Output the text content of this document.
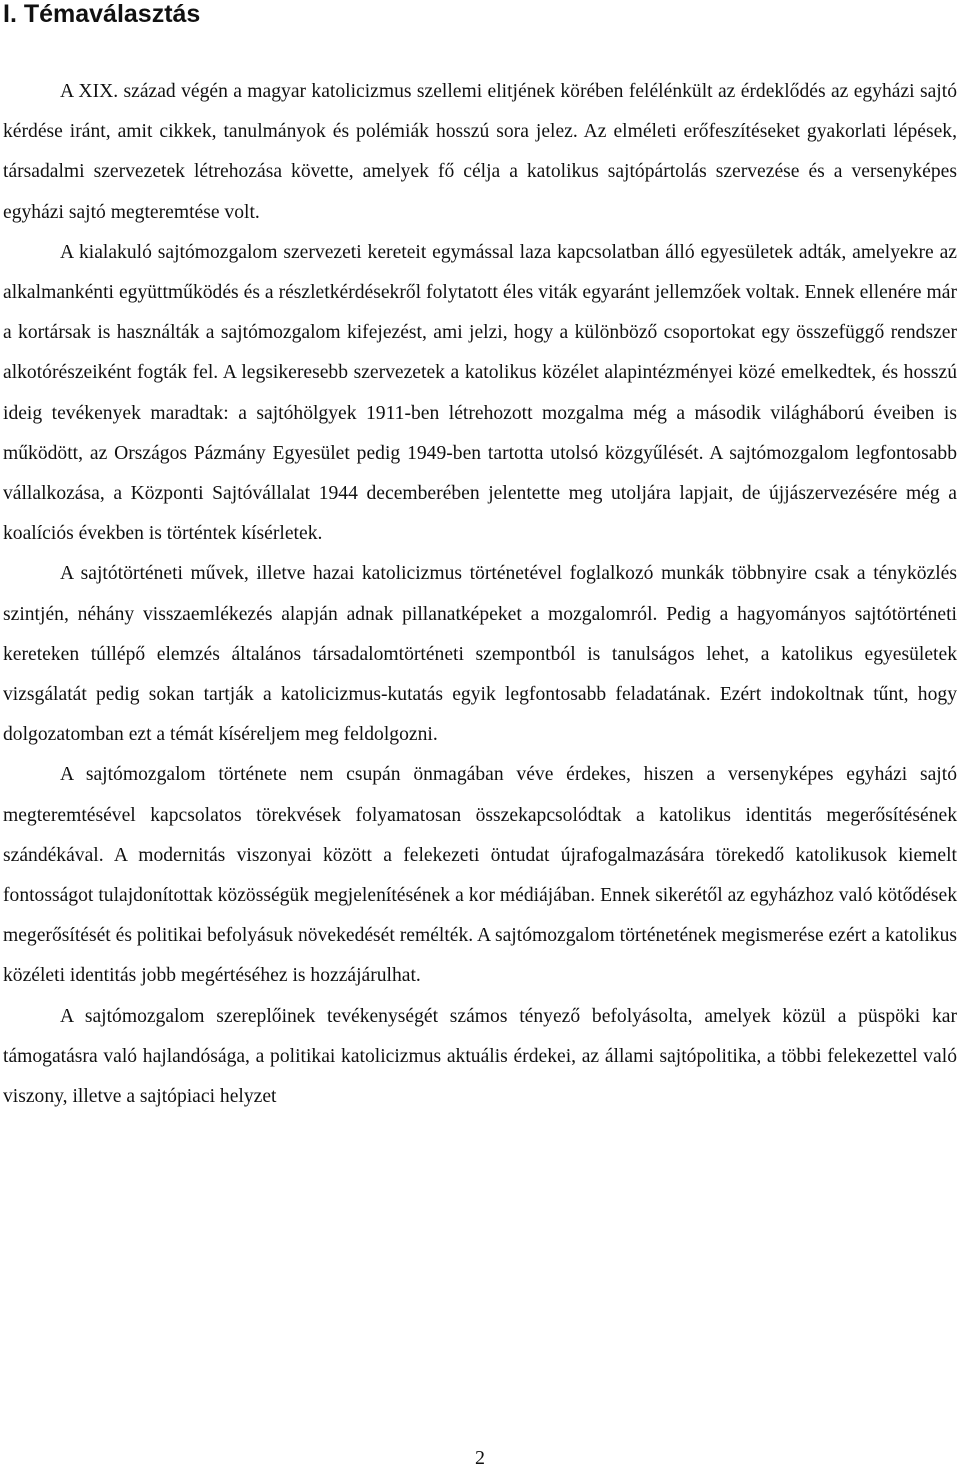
I. Témaválasztás

A XIX. század végén a magyar katolicizmus szellemi elitjének körében felélénkült az érdeklődés az egyházi sajtó kérdése iránt, amit cikkek, tanulmányok és polémiák hosszú sora jelez. Az elméleti erőfeszítéseket gyakorlati lépések, társadalmi szervezetek létrehozása követte, amelyek fő célja a katolikus sajtópártolás szervezése és a versenyképes egyházi sajtó megteremtése volt.

A kialakuló sajtómozgalom szervezeti kereteit egymással laza kapcsolatban álló egyesületek adták, amelyekre az alkalmankénti együttműködés és a részletkérdésekről folytatott éles viták egyaránt jellemzőek voltak. Ennek ellenére már a kortársak is használták a sajtómozgalom kifejezést, ami jelzi, hogy a különböző csoportokat egy összefüggő rendszer alkotórészeiként fogták fel. A legsikeresebb szervezetek a katolikus közélet alapintézményei közé emelkedtek, és hosszú ideig tevékenyek maradtak: a sajtóhölgyek 1911-ben létrehozott mozgalma még a második világháború éveiben is működött, az Országos Pázmány Egyesület pedig 1949-ben tartotta utolsó közgyűlését. A sajtómozgalom legfontosabb vállalkozása, a Központi Sajtóvállalat 1944 decemberében jelentette meg utoljára lapjait, de újjászervezésére még a koalíciós években is történtek kísérletek.

A sajtótörténeti művek, illetve hazai katolicizmus történetével foglalkozó munkák többnyire csak a tényközlés szintjén, néhány visszaemlékezés alapján adnak pillanatképeket a mozgalomról. Pedig a hagyományos sajtótörténeti kereteken túllépő elemzés általános társadalomtörténeti szempontból is tanulságos lehet, a katolikus egyesületek vizsgálatát pedig sokan tartják a katolicizmus-kutatás egyik legfontosabb feladatának. Ezért indokoltnak tűnt, hogy dolgozatomban ezt a témát kíséreljem meg feldolgozni.

A sajtómozgalom története nem csupán önmagában véve érdekes, hiszen a versenyképes egyházi sajtó megteremtésével kapcsolatos törekvések folyamatosan összekapcsolódtak a katolikus identitás megerősítésének szándékával. A modernitás viszonyai között a felekezeti öntudat újrafogalmazására törekedő katolikusok kiemelt fontosságot tulajdonítottak közösségük megjelenítésének a kor médiájában. Ennek sikerétől az egyházhoz való kötődések megerősítését és politikai befolyásuk növekedését remélték. A sajtómozgalom történetének megismerése ezért a katolikus közéleti identitás jobb megértéséhez is hozzájárulhat.

A sajtómozgalom szereplőinek tevékenységét számos tényező befolyásolta, amelyek közül a püspöki kar támogatásra való hajlandósága, a politikai katolicizmus aktuális érdekei, az állami sajtópolitika, a többi felekezettel való viszony, illetve a sajtópiaci helyzet

2
